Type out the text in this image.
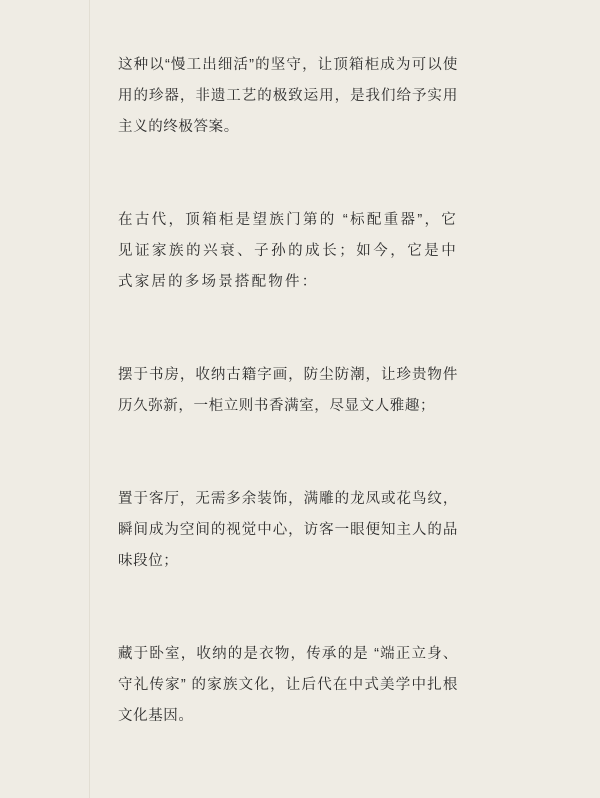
这种以“慢工出细活”的坚守，让顶箱柜成为可以使用的珍器，非遗工艺的极致运用，是我们给予实用主义的终极答案。

在古代，顶箱柜是望族门第的 “标配重器”，它见证家族的兴衰、子孙的成长；如今，它是中式家居的多场景搭配物件：

摆于书房，收纳古籍字画，防尘防潮，让珍贵物件历久弥新，一柜立则书香满室，尽显文人雅趣；

置于客厅，无需多余装饰，满雕的龙凤或花鸟纹，瞬间成为空间的视觉中心，访客一眼便知主人的品味段位；

藏于卧室，收纳的是衣物，传承的是 “端正立身、守礼传家” 的家族文化，让后代在中式美学中扎根文化基因。
